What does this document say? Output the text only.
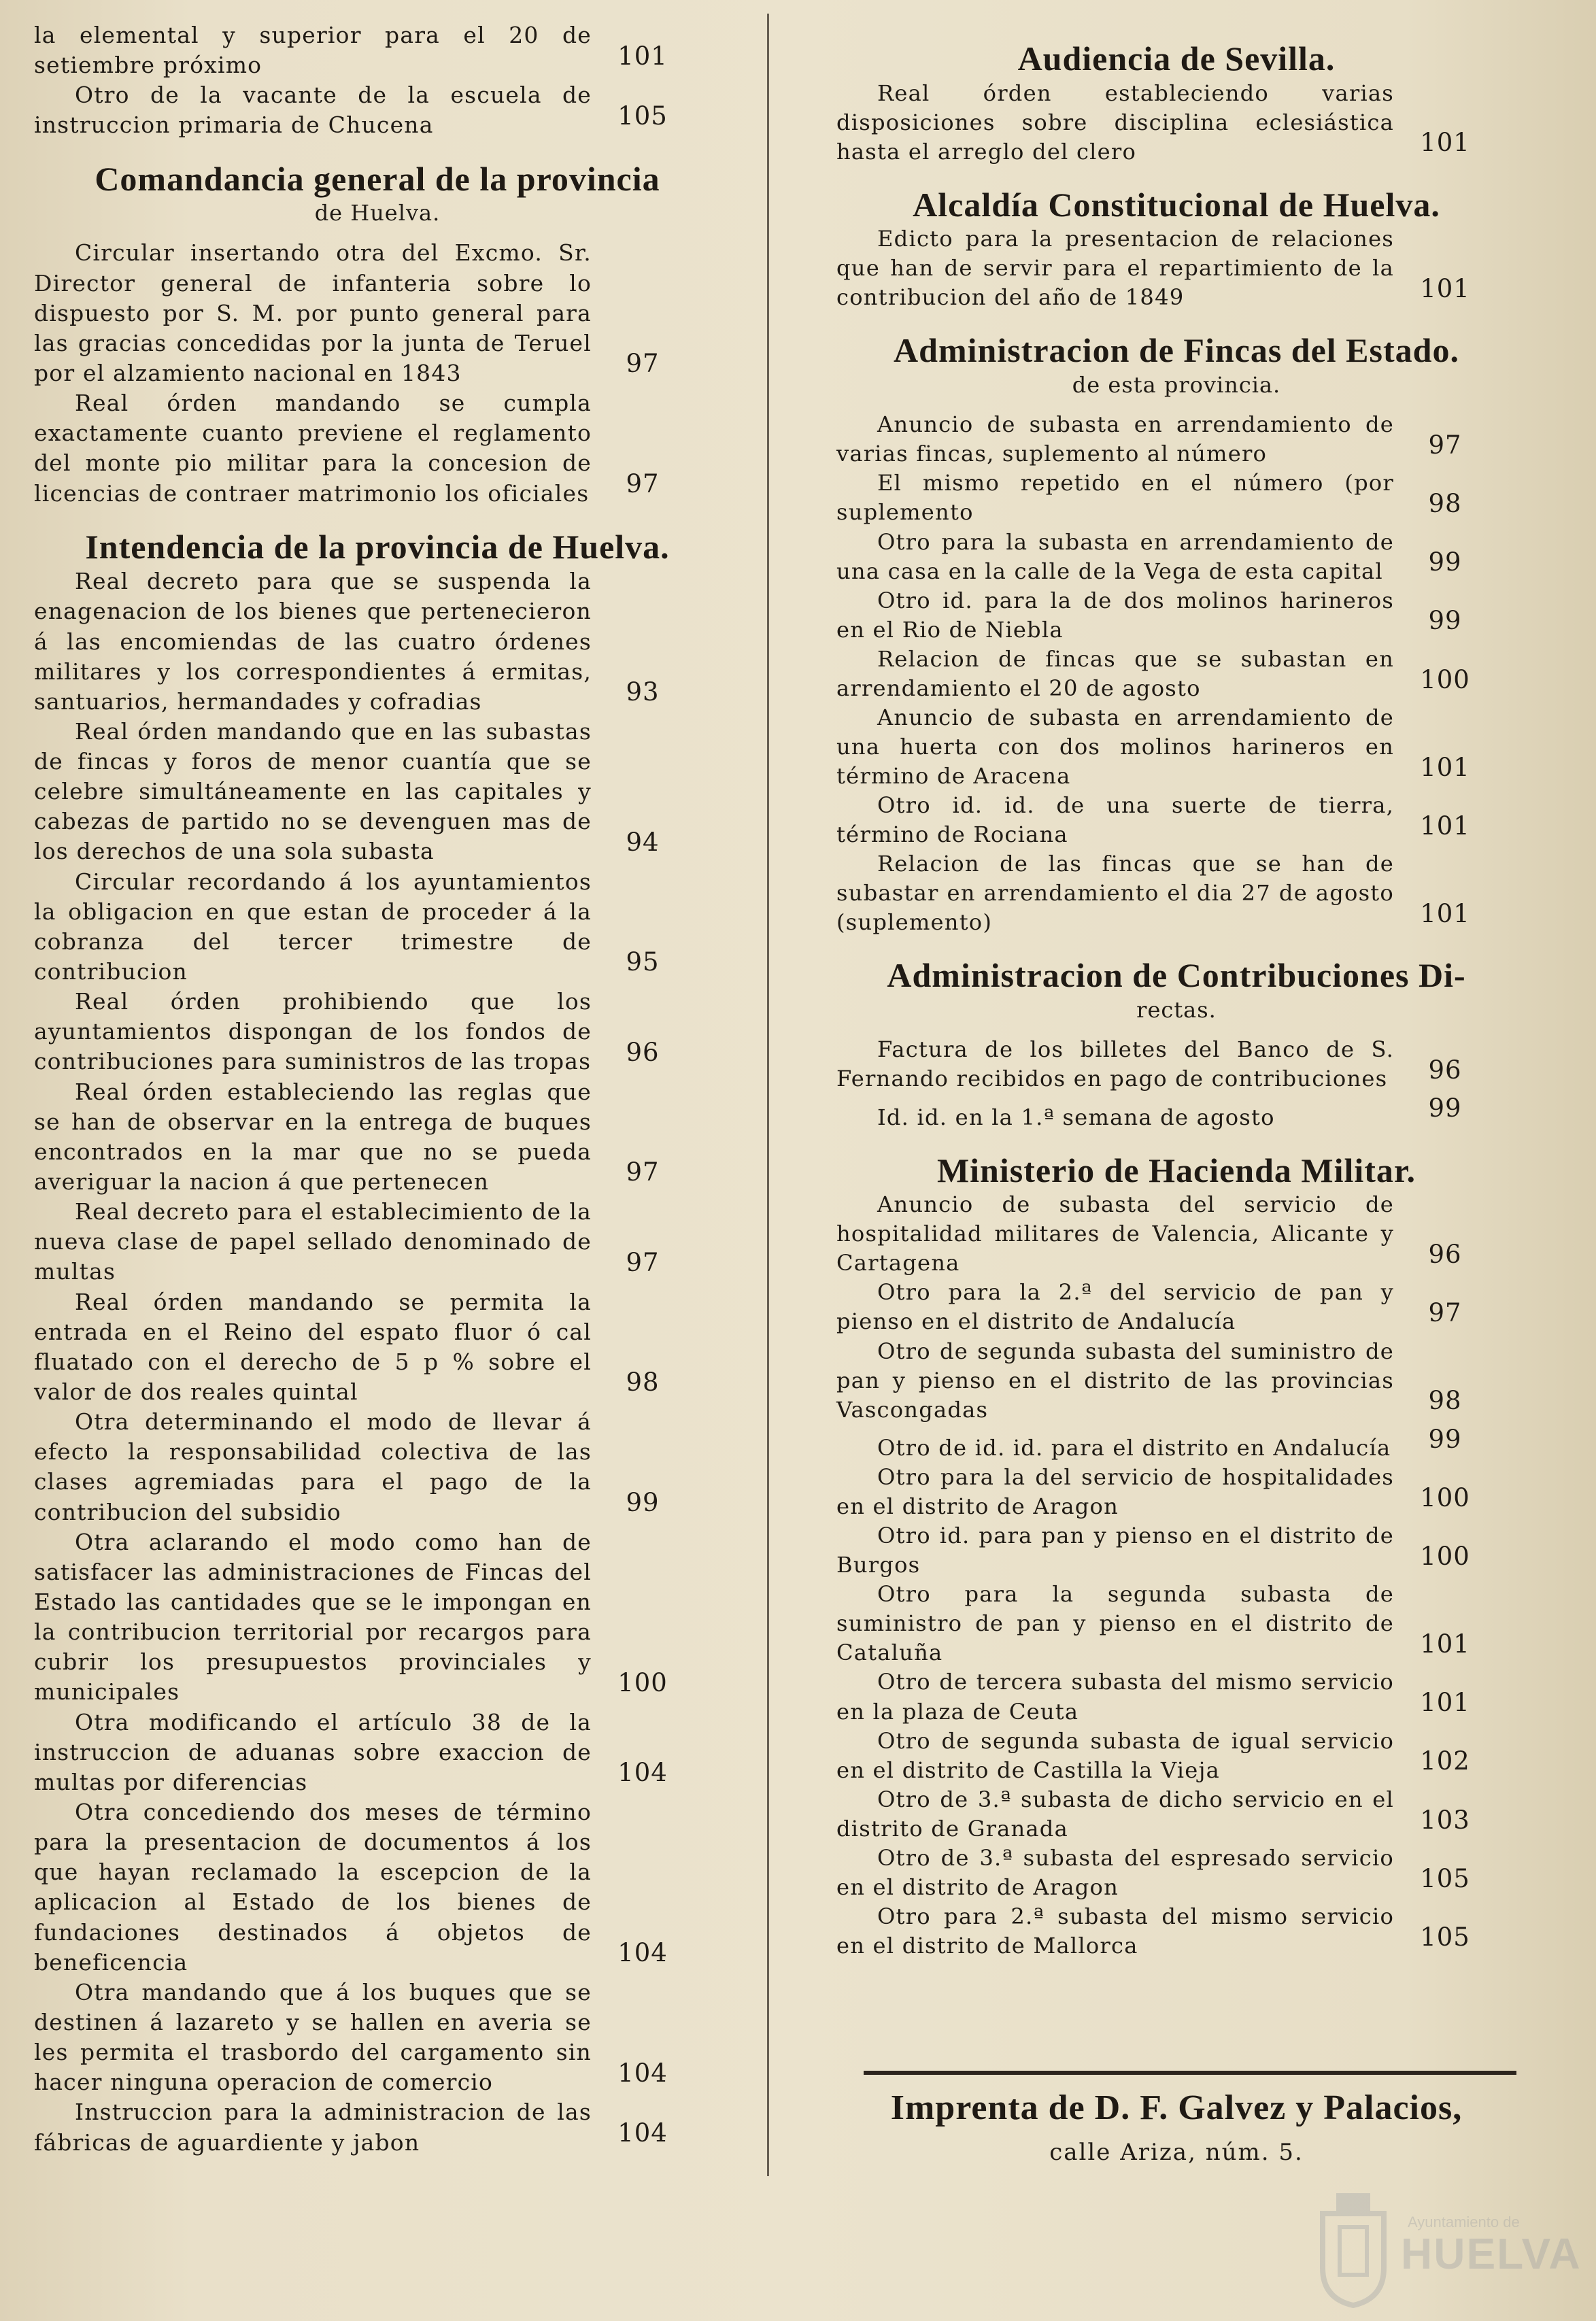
la elemental y superior para el 20 de setiembre próximo	101
Otro de la vacante de la escuela de instruccion primaria de Chucena	105
Comandancia general de la provincia
de Huelva.
Circular insertando otra del Excmo. Sr. Director general de infanteria sobre lo dispuesto por S. M. por punto general para las gracias concedidas por la junta de Teruel por el alzamiento nacional en 1843	97
Real órden mandando se cumpla exactamente cuanto previene el reglamento del monte pio militar para la concesion de licencias de contraer matrimonio los oficiales	97
Intendencia de la provincia de Huelva.
Real decreto para que se suspenda la enagenacion de los bienes que pertenecieron á las encomiendas de las cuatro órdenes militares y los correspondientes á ermitas, santuarios, hermandades y cofradias	93
Real órden mandando que en las subastas de fincas y foros de menor cuantía que se celebre simultáneamente en las capitales y cabezas de partido no se devenguen mas de los derechos de una sola subasta	94
Circular recordando á los ayuntamientos la obligacion en que estan de proceder á la cobranza del tercer trimestre de contribucion	95
Real órden prohibiendo que los ayuntamientos dispongan de los fondos de contribuciones para suministros de las tropas	96
Real órden estableciendo las reglas que se han de observar en la entrega de buques encontrados en la mar que no se pueda averiguar la nacion á que pertenecen	97
Real decreto para el establecimiento de la nueva clase de papel sellado denominado de multas	97
Real órden mandando se permita la entrada en el Reino del espato fluor ó cal fluatado con el derecho de 5 p % sobre el valor de dos reales quintal	98
Otra determinando el modo de llevar á efecto la responsabilidad colectiva de las clases agremiadas para el pago de la contribucion del subsidio	99
Otra aclarando el modo como han de satisfacer las administraciones de Fincas del Estado las cantidades que se le impongan en la contribucion territorial por recargos para cubrir los presupuestos provinciales y municipales	100
Otra modificando el artículo 38 de la instruccion de aduanas sobre exaccion de multas por diferencias	104
Otra concediendo dos meses de término para la presentacion de documentos á los que hayan reclamado la escepcion de la aplicacion al Estado de los bienes de fundaciones destinados á objetos de beneficencia	104
Otra mandando que á los buques que se destinen á lazareto y se hallen en averia se les permita el trasbordo del cargamento sin hacer ninguna operacion de comercio	104
Instruccion para la administracion de las fábricas de aguardiente y jabon	104
Audiencia de Sevilla.
Real órden estableciendo varias disposiciones sobre disciplina eclesiástica hasta el arreglo del clero	101
Alcaldía Constitucional de Huelva.
Edicto para la presentacion de relaciones que han de servir para el repartimiento de la contribucion del año de 1849	101
Administracion de Fincas del Estado.
de esta provincia.
Anuncio de subasta en arrendamiento de varias fincas, suplemento al número	97
El mismo repetido en el número (por suplemento	98
Otro para la subasta en arrendamiento de una casa en la calle de la Vega de esta capital	99
Otro id. para la de dos molinos harineros en el Rio de Niebla	99
Relacion de fincas que se subastan en arrendamiento el 20 de agosto	100
Anuncio de subasta en arrendamiento de una huerta con dos molinos harineros en término de Aracena	101
Otro id. id. de una suerte de tierra, término de Rociana	101
Relacion de las fincas que se han de subastar en arrendamiento el dia 27 de agosto (suplemento)	101
Administracion de Contribuciones Di-
rectas.
Factura de los billetes del Banco de S. Fernando recibidos en pago de contribuciones	96
Id. id. en la 1.ª semana de agosto	99
Ministerio de Hacienda Militar.
Anuncio de subasta del servicio de hospitalidad militares de Valencia, Alicante y Cartagena	96
Otro para la 2.ª del servicio de pan y pienso en el distrito de Andalucía	97
Otro de segunda subasta del suministro de pan y pienso en el distrito de las provincias Vascongadas	98
Otro de id. id. para el distrito en Andalucía	99
Otro para la del servicio de hospitalidades en el distrito de Aragon	100
Otro id. para pan y pienso en el distrito de Burgos	100
Otro para la segunda subasta de suministro de pan y pienso en el distrito de Cataluña	101
Otro de tercera subasta del mismo servicio en la plaza de Ceuta	101
Otro de segunda subasta de igual servicio en el distrito de Castilla la Vieja	102
Otro de 3.ª subasta de dicho servicio en el distrito de Granada	103
Otro de 3.ª subasta del espresado servicio en el distrito de Aragon	105
Otro para 2.ª subasta del mismo servicio en el distrito de Mallorca	105
Imprenta de D. F. Galvez y Palacios,
calle Ariza, núm. 5.
Ayuntamiento de
HUELVA
